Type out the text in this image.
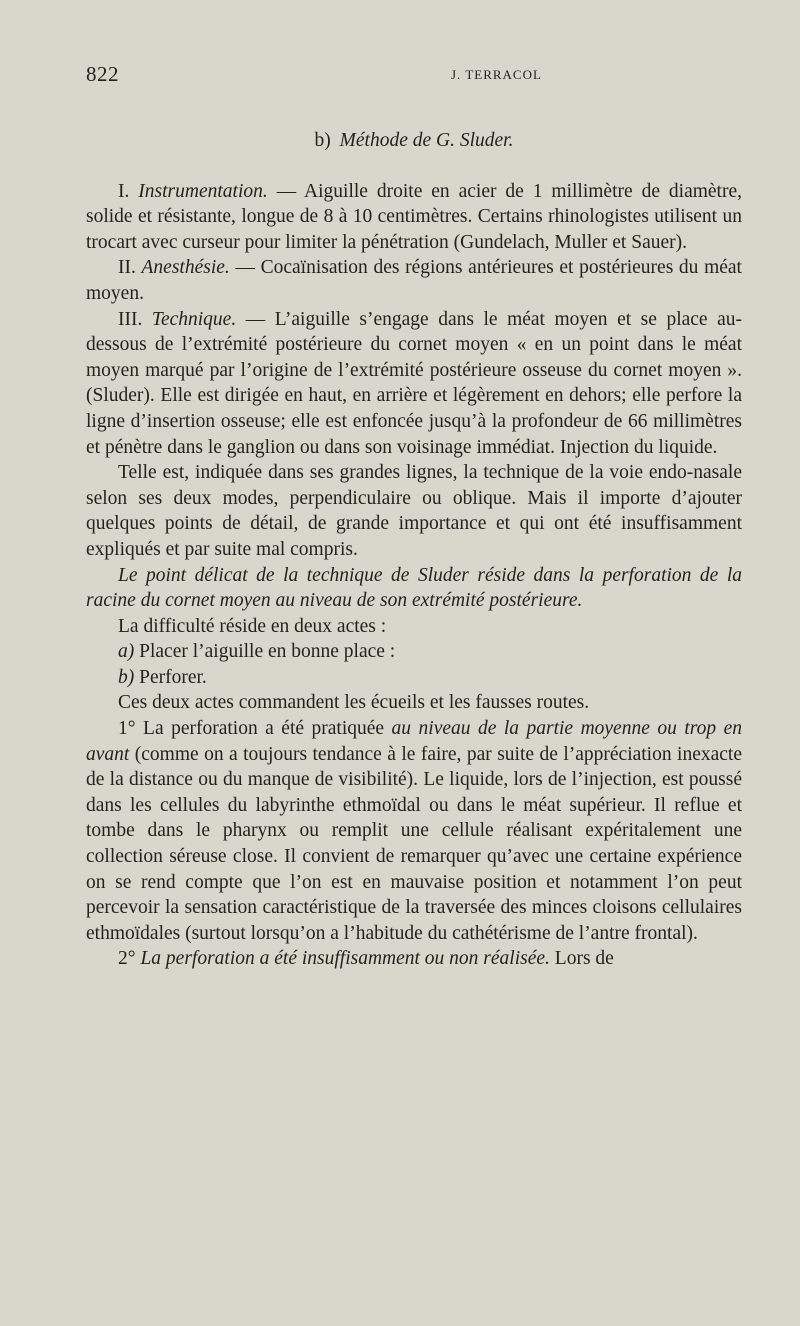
822	J. TERRACOL
b) Méthode de G. Sluder.

I. Instrumentation. — Aiguille droite en acier de 1 millimètre de diamètre, solide et résistante, longue de 8 à 10 centimètres. Certains rhinologistes utilisent un trocart avec curseur pour limiter la pénétration (Gundelach, Muller et Sauer).

II. Anesthésie. — Cocaïnisation des régions antérieures et postérieures du méat moyen.

III. Technique. — L’aiguille s’engage dans le méat moyen et se place au-dessous de l’extrémité postérieure du cornet moyen « en un point dans le méat moyen marqué par l’origine de l’extrémité postérieure osseuse du cornet moyen ». (Sluder). Elle est dirigée en haut, en arrière et légèrement en dehors; elle perfore la ligne d’insertion osseuse; elle est enfoncée jusqu’à la profondeur de 66 millimètres et pénètre dans le ganglion ou dans son voisinage immédiat. Injection du liquide.

Telle est, indiquée dans ses grandes lignes, la technique de la voie endo-nasale selon ses deux modes, perpendiculaire ou oblique. Mais il importe d’ajouter quelques points de détail, de grande importance et qui ont été insuffisamment expliqués et par suite mal compris.

Le point délicat de la technique de Sluder réside dans la perforation de la racine du cornet moyen au niveau de son extrémité postérieure.

La difficulté réside en deux actes :

a) Placer l’aiguille en bonne place :

b) Perforer.

Ces deux actes commandent les écueils et les fausses routes.

1° La perforation a été pratiquée au niveau de la partie moyenne ou trop en avant (comme on a toujours tendance à le faire, par suite de l’appréciation inexacte de la distance ou du manque de visibilité). Le liquide, lors de l’injection, est poussé dans les cellules du labyrinthe ethmoïdal ou dans le méat supérieur. Il reflue et tombe dans le pharynx ou remplit une cellule réalisant expéritalement une collection séreuse close. Il convient de remarquer qu’avec une certaine expérience on se rend compte que l’on est en mauvaise position et notamment l’on peut percevoir la sensation caractéristique de la traversée des minces cloisons cellulaires ethmoïdales (surtout lorsqu’on a l’habitude du cathétérisme de l’antre frontal).

2° La perforation a été insuffisamment ou non réalisée. Lors de
